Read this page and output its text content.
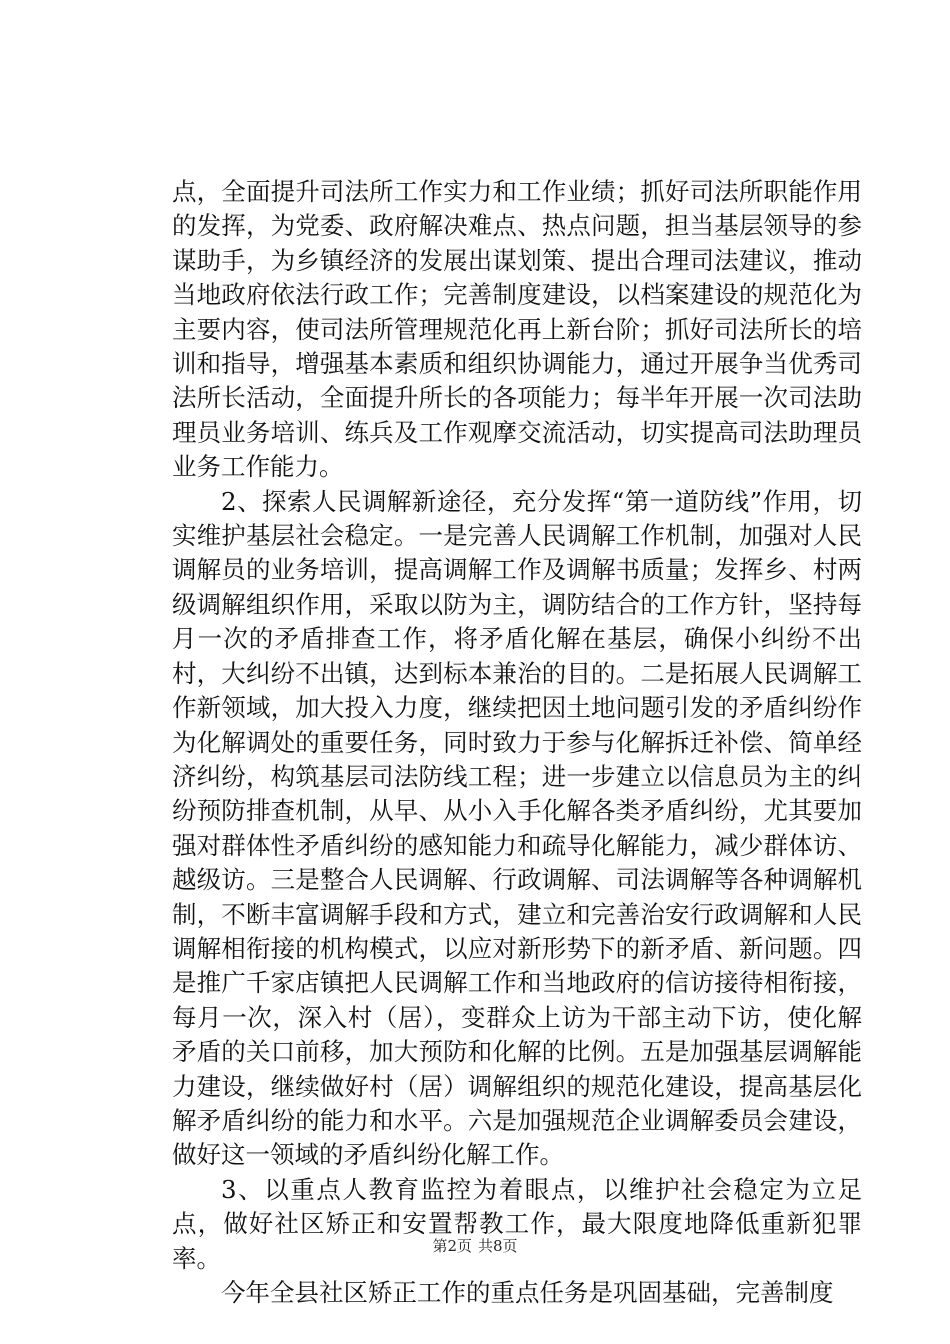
点，全面提升司法所工作实力和工作业绩；抓好司法所职能作用的发挥，为党委、政府解决难点、热点问题，担当基层领导的参谋助手，为乡镇经济的发展出谋划策、提出合理司法建议，推动当地政府依法行政工作；完善制度建设，以档案建设的规范化为主要内容，使司法所管理规范化再上新台阶；抓好司法所长的培训和指导，增强基本素质和组织协调能力，通过开展争当优秀司法所长活动，全面提升所长的各项能力；每半年开展一次司法助理员业务培训、练兵及工作观摩交流活动，切实提高司法助理员业务工作能力。

2、探索人民调解新途径，充分发挥“第一道防线”作用，切实维护基层社会稳定。一是完善人民调解工作机制，加强对人民调解员的业务培训，提高调解工作及调解书质量；发挥乡、村两级调解组织作用，采取以防为主，调防结合的工作方针，坚持每月一次的矛盾排查工作，将矛盾化解在基层，确保小纠纷不出村，大纠纷不出镇，达到标本兼治的目的。二是拓展人民调解工作新领域，加大投入力度，继续把因土地问题引发的矛盾纠纷作为化解调处的重要任务，同时致力于参与化解拆迁补偿、简单经济纠纷，构筑基层司法防线工程；进一步建立以信息员为主的纠纷预防排查机制，从早、从小入手化解各类矛盾纠纷，尤其要加强对群体性矛盾纠纷的感知能力和疏导化解能力，减少群体访、越级访。三是整合人民调解、行政调解、司法调解等各种调解机制，不断丰富调解手段和方式，建立和完善治安行政调解和人民调解相衔接的机构模式，以应对新形势下的新矛盾、新问题。四是推广千家店镇把人民调解工作和当地政府的信访接待相衔接，每月一次，深入村（居），变群众上访为干部主动下访，使化解矛盾的关口前移，加大预防和化解的比例。五是加强基层调解能力建设，继续做好村（居）调解组织的规范化建设，提高基层化解矛盾纠纷的能力和水平。六是加强规范企业调解委员会建设，做好这一领域的矛盾纠纷化解工作。

3、以重点人教育监控为着眼点，以维护社会稳定为立足点，做好社区矫正和安置帮教工作，最大限度地降低重新犯罪率。

今年全县社区矫正工作的重点任务是巩固基础，完善制度

第2页 共8页
